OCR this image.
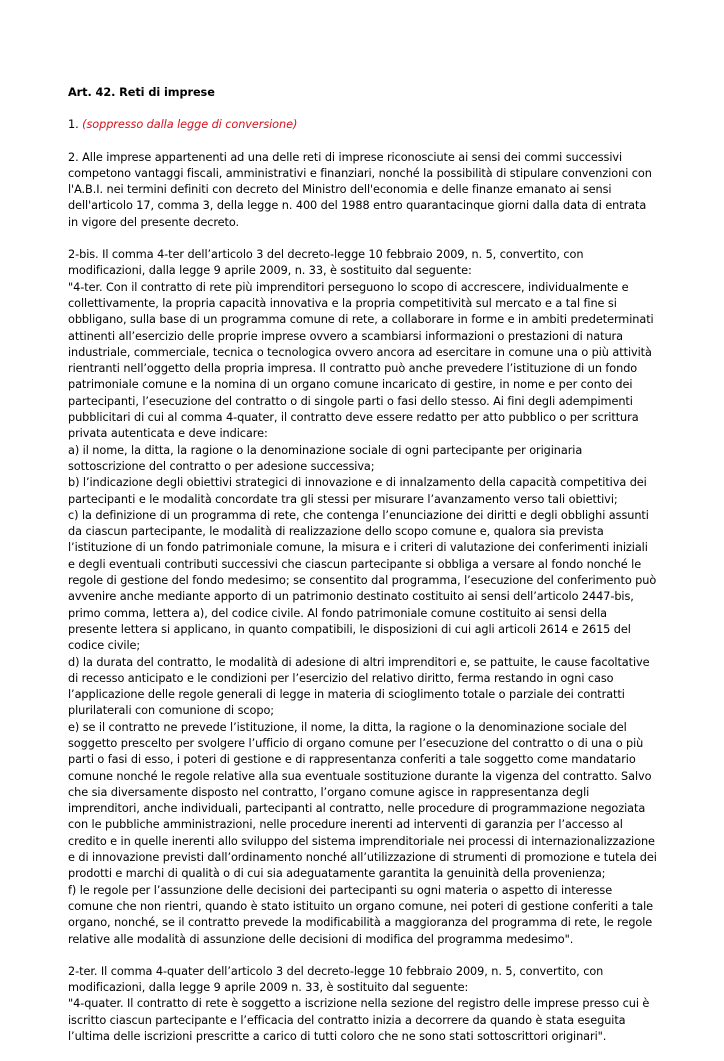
Art. 42. Reti di imprese

1. (soppresso dalla legge di conversione)

2. Alle imprese appartenenti ad una delle reti di imprese riconosciute ai sensi dei commi successivi competono vantaggi fiscali, amministrativi e finanziari, nonché la possibilità di stipulare convenzioni con l'A.B.I. nei termini definiti con decreto del Ministro dell'economia e delle finanze emanato ai sensi dell'articolo 17, comma 3, della legge n. 400 del 1988 entro quarantacinque giorni dalla data di entrata in vigore del presente decreto.

2-bis. Il comma 4-ter dell’articolo 3 del decreto-legge 10 febbraio 2009, n. 5, convertito, con modificazioni, dalla legge 9 aprile 2009, n. 33, è sostituito dal seguente:
"4-ter. Con il contratto di rete più imprenditori perseguono lo scopo di accrescere, individualmente e collettivamente, la propria capacità innovativa e la propria competitività sul mercato e a tal fine si obbligano, sulla base di un programma comune di rete, a collaborare in forme e in ambiti predeterminati attinenti all’esercizio delle proprie imprese ovvero a scambiarsi informazioni o prestazioni di natura industriale, commerciale, tecnica o tecnologica ovvero ancora ad esercitare in comune una o più attività rientranti nell’oggetto della propria impresa. Il contratto può anche prevedere l’istituzione di un fondo patrimoniale comune e la nomina di un organo comune incaricato di gestire, in nome e per conto dei partecipanti, l’esecuzione del contratto o di singole parti o fasi dello stesso. Ai fini degli adempimenti pubblicitari di cui al comma 4-quater, il contratto deve essere redatto per atto pubblico o per scrittura privata autenticata e deve indicare:
a) il nome, la ditta, la ragione o la denominazione sociale di ogni partecipante per originaria sottoscrizione del contratto o per adesione successiva;
b) l’indicazione degli obiettivi strategici di innovazione e di innalzamento della capacità competitiva dei partecipanti e le modalità concordate tra gli stessi per misurare l’avanzamento verso tali obiettivi;
c) la definizione di un programma di rete, che contenga l’enunciazione dei diritti e degli obblighi assunti da ciascun partecipante, le modalità di realizzazione dello scopo comune e, qualora sia prevista l’istituzione di un fondo patrimoniale comune, la misura e i criteri di valutazione dei conferimenti iniziali e degli eventuali contributi successivi che ciascun partecipante si obbliga a versare al fondo nonché le regole di gestione del fondo medesimo; se consentito dal programma, l’esecuzione del conferimento può avvenire anche mediante apporto di un patrimonio destinato costituito ai sensi dell’articolo 2447-bis, primo comma, lettera a), del codice civile. Al fondo patrimoniale comune costituito ai sensi della presente lettera si applicano, in quanto compatibili, le disposizioni di cui agli articoli 2614 e 2615 del codice civile;
d) la durata del contratto, le modalità di adesione di altri imprenditori e, se pattuite, le cause facoltative di recesso anticipato e le condizioni per l’esercizio del relativo diritto, ferma restando in ogni caso l’applicazione delle regole generali di legge in materia di scioglimento totale o parziale dei contratti plurilaterali con comunione di scopo;
e) se il contratto ne prevede l’istituzione, il nome, la ditta, la ragione o la denominazione sociale del soggetto prescelto per svolgere l’ufficio di organo comune per l’esecuzione del contratto o di una o più parti o fasi di esso, i poteri di gestione e di rappresentanza conferiti a tale soggetto come mandatario comune nonché le regole relative alla sua eventuale sostituzione durante la vigenza del contratto. Salvo che sia diversamente disposto nel contratto, l’organo comune agisce in rappresentanza degli imprenditori, anche individuali, partecipanti al contratto, nelle procedure di programmazione negoziata con le pubbliche amministrazioni, nelle procedure inerenti ad interventi di garanzia per l’accesso al credito e in quelle inerenti allo sviluppo del sistema imprenditoriale nei processi di internazionalizzazione e di innovazione previsti dall’ordinamento nonché all’utilizzazione di strumenti di promozione e tutela dei prodotti e marchi di qualità o di cui sia adeguatamente garantita la genuinità della provenienza;
f) le regole per l’assunzione delle decisioni dei partecipanti su ogni materia o aspetto di interesse comune che non rientri, quando è stato istituito un organo comune, nei poteri di gestione conferiti a tale organo, nonché, se il contratto prevede la modificabilità a maggioranza del programma di rete, le regole relative alle modalità di assunzione delle decisioni di modifica del programma medesimo".
2-ter. Il comma 4-quater dell’articolo 3 del decreto-legge 10 febbraio 2009, n. 5, convertito, con modificazioni, dalla legge 9 aprile 2009 n. 33, è sostituito dal seguente:
"4-quater. Il contratto di rete è soggetto a iscrizione nella sezione del registro delle imprese presso cui è iscritto ciascun partecipante e l’efficacia del contratto inizia a decorrere da quando è stata eseguita l’ultima delle iscrizioni prescritte a carico di tutti coloro che ne sono stati sottoscrittori originari".
